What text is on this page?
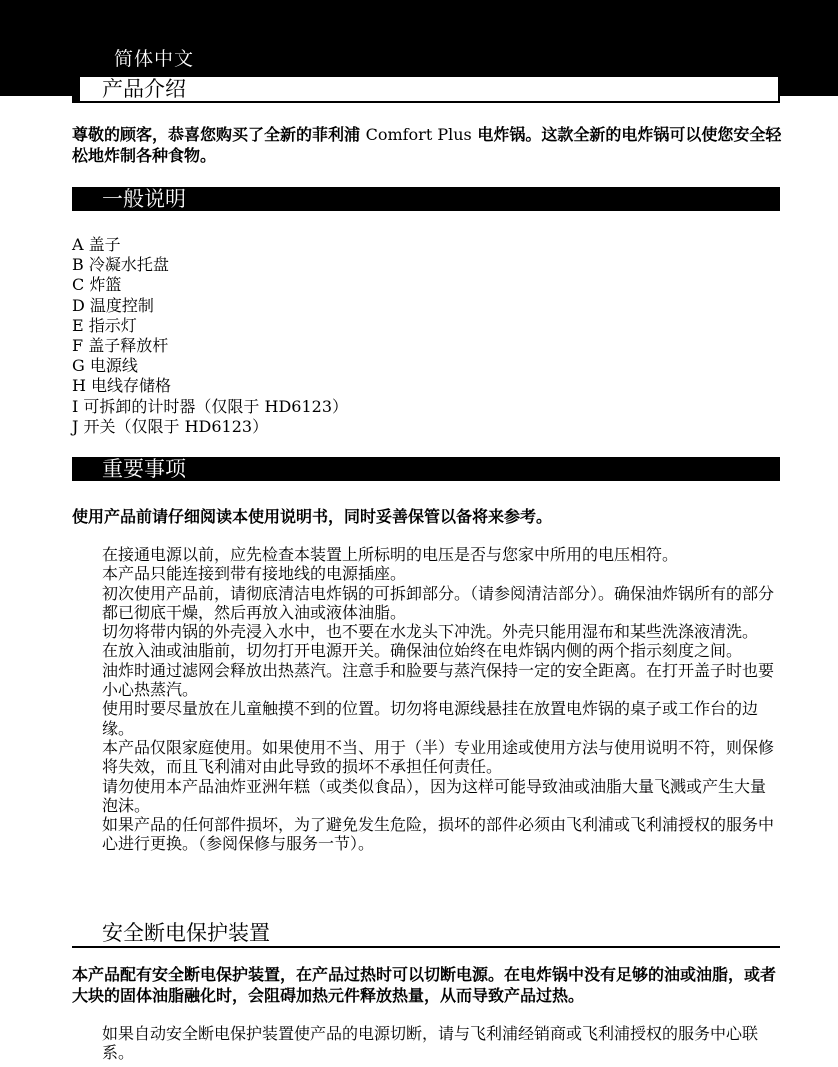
简体中文
产品介绍
尊敬的顾客，恭喜您购买了全新的菲利浦 Comfort Plus 电炸锅。这款全新的电炸锅可以使您安全轻松地炸制各种食物。
一般说明
A 盖子
B 冷凝水托盘
C 炸篮
D 温度控制
E 指示灯
F 盖子释放杆
G 电源线
H 电线存储格
I 可拆卸的计时器（仅限于 HD6123）
J 开关（仅限于 HD6123）
重要事项
使用产品前请仔细阅读本使用说明书，同时妥善保管以备将来参考。
在接通电源以前，应先检查本装置上所标明的电压是否与您家中所用的电压相符。
本产品只能连接到带有接地线的电源插座。
初次使用产品前，请彻底清洁电炸锅的可拆卸部分。（请参阅清洁部分）。确保油炸锅所有的部分都已彻底干燥，然后再放入油或液体油脂。
切勿将带内锅的外壳浸入水中，也不要在水龙头下冲洗。外壳只能用湿布和某些洗涤液清洗。
在放入油或油脂前，切勿打开电源开关。确保油位始终在电炸锅内侧的两个指示刻度之间。
油炸时通过滤网会释放出热蒸汽。注意手和脸要与蒸汽保持一定的安全距离。在打开盖子时也要小心热蒸汽。
使用时要尽量放在儿童触摸不到的位置。切勿将电源线悬挂在放置电炸锅的桌子或工作台的边缘。
本产品仅限家庭使用。如果使用不当、用于（半）专业用途或使用方法与使用说明不符，则保修将失效，而且飞利浦对由此导致的损坏不承担任何责任。
请勿使用本产品油炸亚洲年糕（或类似食品），因为这样可能导致油或油脂大量飞溅或产生大量泡沫。
如果产品的任何部件损坏，为了避免发生危险，损坏的部件必须由飞利浦或飞利浦授权的服务中心进行更换。（参阅保修与服务一节）。
安全断电保护装置
本产品配有安全断电保护装置，在产品过热时可以切断电源。在电炸锅中没有足够的油或油脂，或者大块的固体油脂融化时，会阻碍加热元件释放热量，从而导致产品过热。
如果自动安全断电保护装置使产品的电源切断，请与飞利浦经销商或飞利浦授权的服务中心联系。
